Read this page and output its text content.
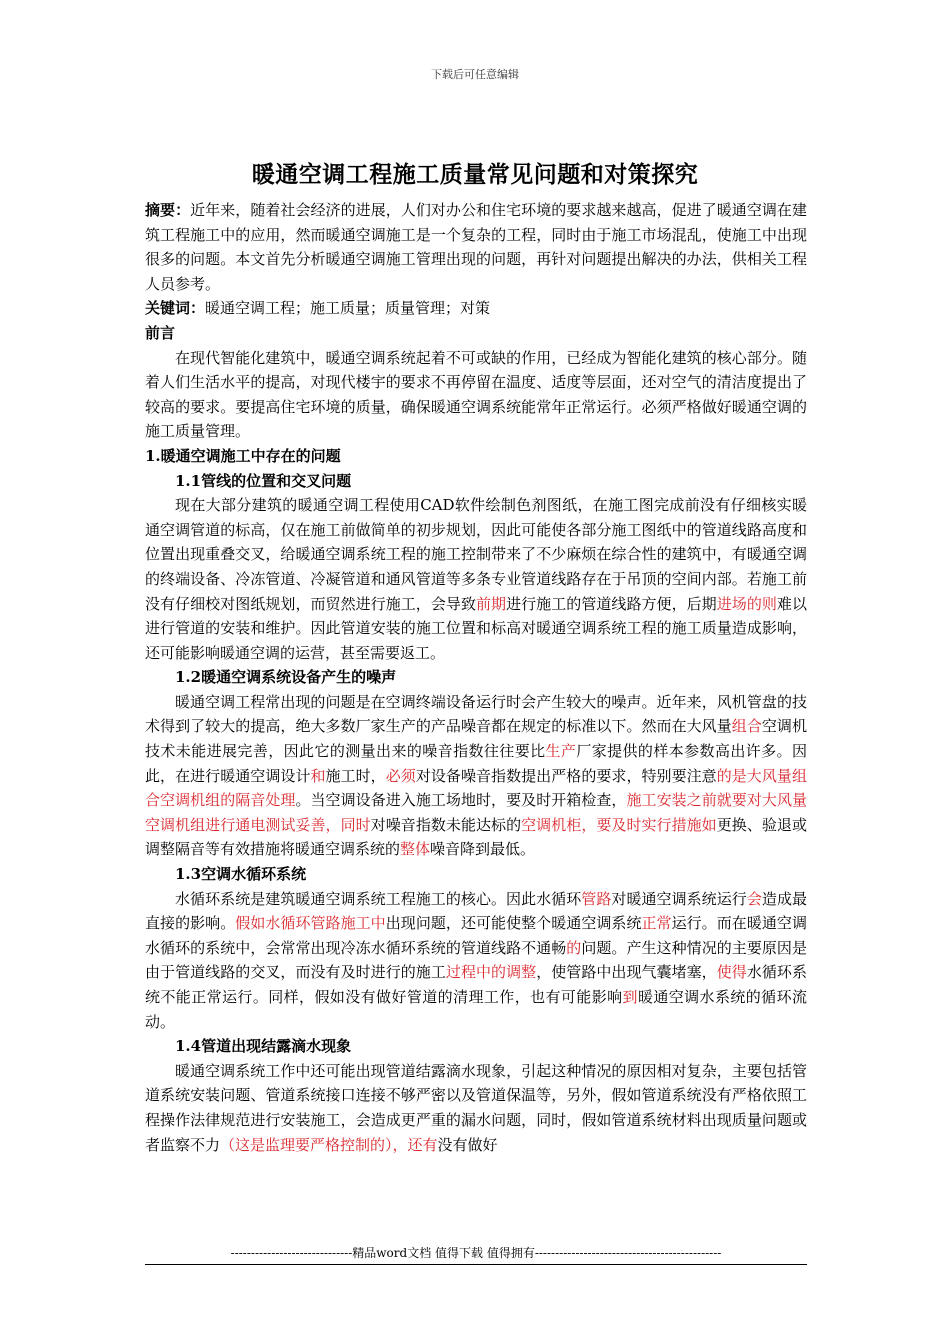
下载后可任意编辑
暖通空调工程施工质量常见问题和对策探究

摘要：近年来，随着社会经济的进展，人们对办公和住宅环境的要求越来越高，促进了暖通空调在建筑工程施工中的应用，然而暖通空调施工是一个复杂的工程，同时由于施工市场混乱，使施工中出现很多的问题。本文首先分析暖通空调施工管理出现的问题，再针对问题提出解决的办法，供相关工程人员参考。

关键词：暖通空调工程；施工质量；质量管理；对策

前言

在现代智能化建筑中，暖通空调系统起着不可或缺的作用，已经成为智能化建筑的核心部分。随着人们生活水平的提高，对现代楼宇的要求不再停留在温度、适度等层面，还对空气的清洁度提出了较高的要求。要提高住宅环境的质量，确保暖通空调系统能常年正常运行。必须严格做好暖通空调的施工质量管理。

1.暖通空调施工中存在的问题

1.1管线的位置和交叉问题

现在大部分建筑的暖通空调工程使用CAD软件绘制色剂图纸，在施工图完成前没有仔细核实暖通空调管道的标高，仅在施工前做简单的初步规划，因此可能使各部分施工图纸中的管道线路高度和位置出现重叠交叉，给暖通空调系统工程的施工控制带来了不少麻烦在综合性的建筑中，有暖通空调的终端设备、冷冻管道、冷凝管道和通风管道等多条专业管道线路存在于吊顶的空间内部。若施工前没有仔细校对图纸规划，而贸然进行施工，会导致前期进行施工的管道线路方便，后期进场的则难以进行管道的安装和维护。因此管道安装的施工位置和标高对暖通空调系统工程的施工质量造成影响，还可能影响暖通空调的运营，甚至需要返工。

1.2暖通空调系统设备产生的噪声

暖通空调工程常出现的问题是在空调终端设备运行时会产生较大的噪声。近年来，风机管盘的技术得到了较大的提高，绝大多数厂家生产的产品噪音都在规定的标准以下。然而在大风量组合空调机技术未能进展完善，因此它的测量出来的噪音指数往往要比生产厂家提供的样本参数高出许多。因此，在进行暖通空调设计和施工时，必须对设备噪音指数提出严格的要求，特别要注意的是大风量组合空调机组的隔音处理。当空调设备进入施工场地时，要及时开箱检查，施工安装之前就要对大风量空调机组进行通电测试妥善，同时对噪音指数未能达标的空调机柜，要及时实行措施如更换、验退或调整隔音等有效措施将暖通空调系统的整体噪音降到最低。

1.3空调水循环系统

水循环系统是建筑暖通空调系统工程施工的核心。因此水循环管路对暖通空调系统运行会造成最直接的影响。假如水循环管路施工中出现问题，还可能使整个暖通空调系统正常运行。而在暖通空调水循环的系统中，会常常出现冷冻水循环系统的管道线路不通畅的问题。产生这种情况的主要原因是由于管道线路的交叉，而没有及时进行的施工过程中的调整，使管路中出现气囊堵塞，使得水循环系统不能正常运行。同样，假如没有做好管道的清理工作，也有可能影响到暖通空调水系统的循环流动。

1.4管道出现结露滴水现象

暖通空调系统工作中还可能出现管道结露滴水现象，引起这种情况的原因相对复杂，主要包括管道系统安装问题、管道系统接口连接不够严密以及管道保温等，另外，假如管道系统没有严格依照工程操作法律规范进行安装施工，会造成更严重的漏水问题，同时，假如管道系统材料出现质量问题或者监察不力（这是监理要严格控制的），还有没有做好

------------------------------精品word文档 值得下载 值得拥有----------------------------------------------
